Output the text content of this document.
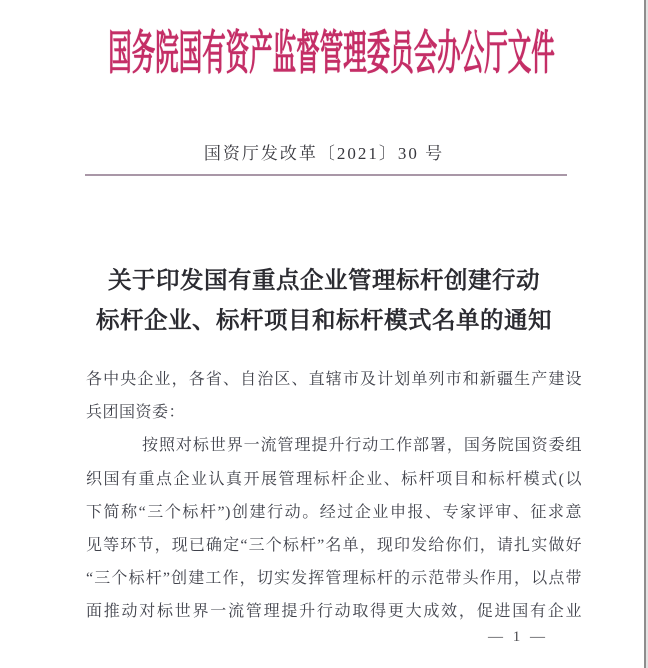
国务院国有资产监督管理委员会办公厅文件
国资厅发改革〔2021〕30 号
关于印发国有重点企业管理标杆创建行动
标杆企业、标杆项目和标杆模式名单的通知
各中央企业，各省、自治区、直辖市及计划单列市和新疆生产建设
兵团国资委：
按照对标世界一流管理提升行动工作部署，国务院国资委组
织国有重点企业认真开展管理标杆企业、标杆项目和标杆模式(以
下简称“三个标杆”)创建行动。经过企业申报、专家评审、征求意
见等环节，现已确定“三个标杆”名单，现印发给你们，请扎实做好
“三个标杆”创建工作，切实发挥管理标杆的示范带头作用，以点带
面推动对标世界一流管理提升行动取得更大成效，促进国有企业
— 1 —
